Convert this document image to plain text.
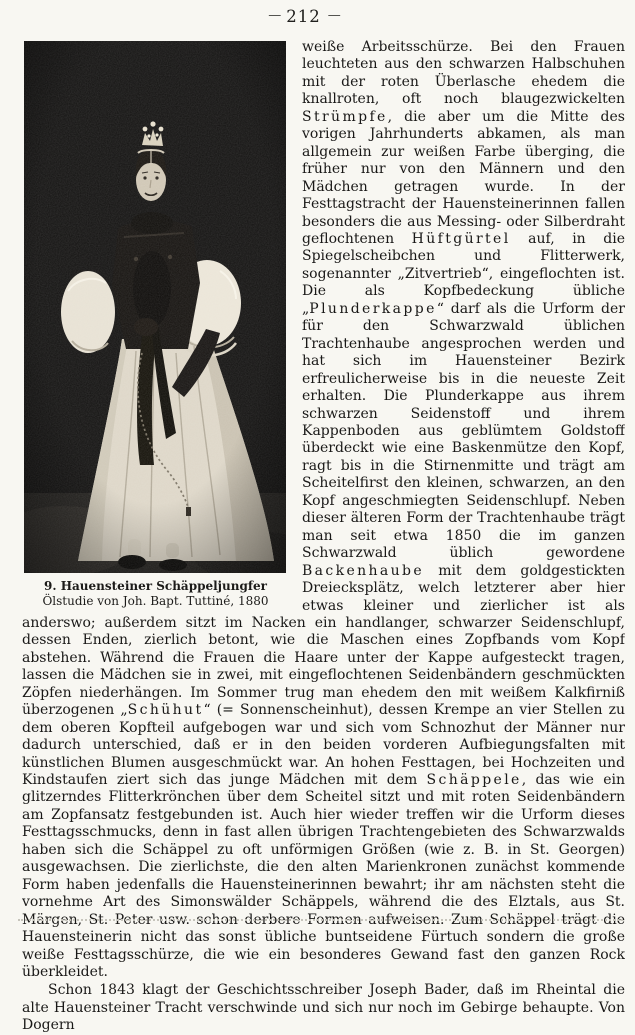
— 212 —
9. Hauensteiner Schäppeljungfer
Ölstudie von Joh. Bapt. Tuttiné, 1880

weiße Arbeitsschürze. Bei den Frauen leuchteten aus den schwarzen Halbschuhen mit der roten Überlasche ehedem die knallroten, oft noch blaugezwickelten Strümpfe, die aber um die Mitte des vorigen Jahrhunderts abkamen, als man allgemein zur weißen Farbe überging, die früher nur von den Männern und den Mädchen getragen wurde. In der Festtagstracht der Hauensteinerinnen fallen besonders die aus Messing- oder Silberdraht geflochtenen Hüftgürtel auf, in die Spiegelscheibchen und Flitterwerk, sogenannter „Zitvertrieb“, eingeflochten ist. Die als Kopfbedeckung übliche „Plunderkappe“ darf als die Urform der für den Schwarzwald üblichen Trachtenhaube angesprochen werden und hat sich im Hauensteiner Bezirk erfreulicherweise bis in die neueste Zeit erhalten. Die Plunderkappe aus ihrem schwarzen Seidenstoff und ihrem Kappenboden aus geblümtem Goldstoff überdeckt wie eine Baskenmütze den Kopf, ragt bis in die Stirnenmitte und trägt am Scheitelfirst den kleinen, schwarzen, an den Kopf angeschmiegten Seidenschlupf. Neben dieser älteren Form der Trachtenhaube trägt man seit etwa 1850 die im ganzen Schwarzwald üblich gewordene Backenhaube mit dem goldgestickten Dreiecksplätz, welch letzterer aber hier etwas kleiner und zierlicher ist als anderswo; außerdem sitzt im Nacken ein handlanger, schwarzer Seidenschlupf, dessen Enden, zierlich betont, wie die Maschen eines Zopfbands vom Kopf abstehen. Während die Frauen die Haare unter der Kappe aufgesteckt tragen, lassen die Mädchen sie in zwei, mit eingeflochtenen Seidenbändern geschmückten Zöpfen niederhängen. Im Sommer trug man ehedem den mit weißem Kalkfirniß überzogenen „Schühut“ (= Sonnenscheinhut), dessen Krempe an vier Stellen zu dem oberen Kopfteil aufgebogen war und sich vom Schnozhut der Männer nur dadurch unterschied, daß er in den beiden vorderen Aufbiegungsfalten mit künstlichen Blumen ausgeschmückt war. An hohen Festtagen, bei Hochzeiten und Kindstaufen ziert sich das junge Mädchen mit dem Schäppele, das wie ein glitzerndes Flitterkrönchen über dem Scheitel sitzt und mit roten Seidenbändern am Zopfansatz festgebunden ist. Auch hier wieder treffen wir die Urform dieses Festtagsschmucks, denn in fast allen übrigen Trachtengebieten des Schwarzwalds haben sich die Schäppel zu oft unförmigen Größen (wie z. B. in St. Georgen) ausgewachsen. Die zierlichste, die den alten Marienkronen zunächst kommende Form haben jedenfalls die Hauensteinerinnen bewahrt; ihr am nächsten steht die vornehme Art des Simonswälder Schäppels, während die des Elztals, aus St. Märgen, St. Peter usw. schon derbere Formen aufweisen. Zum Schäppel trägt die Hauensteinerin nicht das sonst übliche buntseidene Fürtuch sondern die große weiße Festtagsschürze, die wie ein besonderes Gewand fast den ganzen Rock überkleidet.

Schon 1843 klagt der Geschichtsschreiber Joseph Bader, daß im Rheintal die alte Hauensteiner Tracht verschwinde und sich nur noch im Gebirge behaupte. Von Dogern
